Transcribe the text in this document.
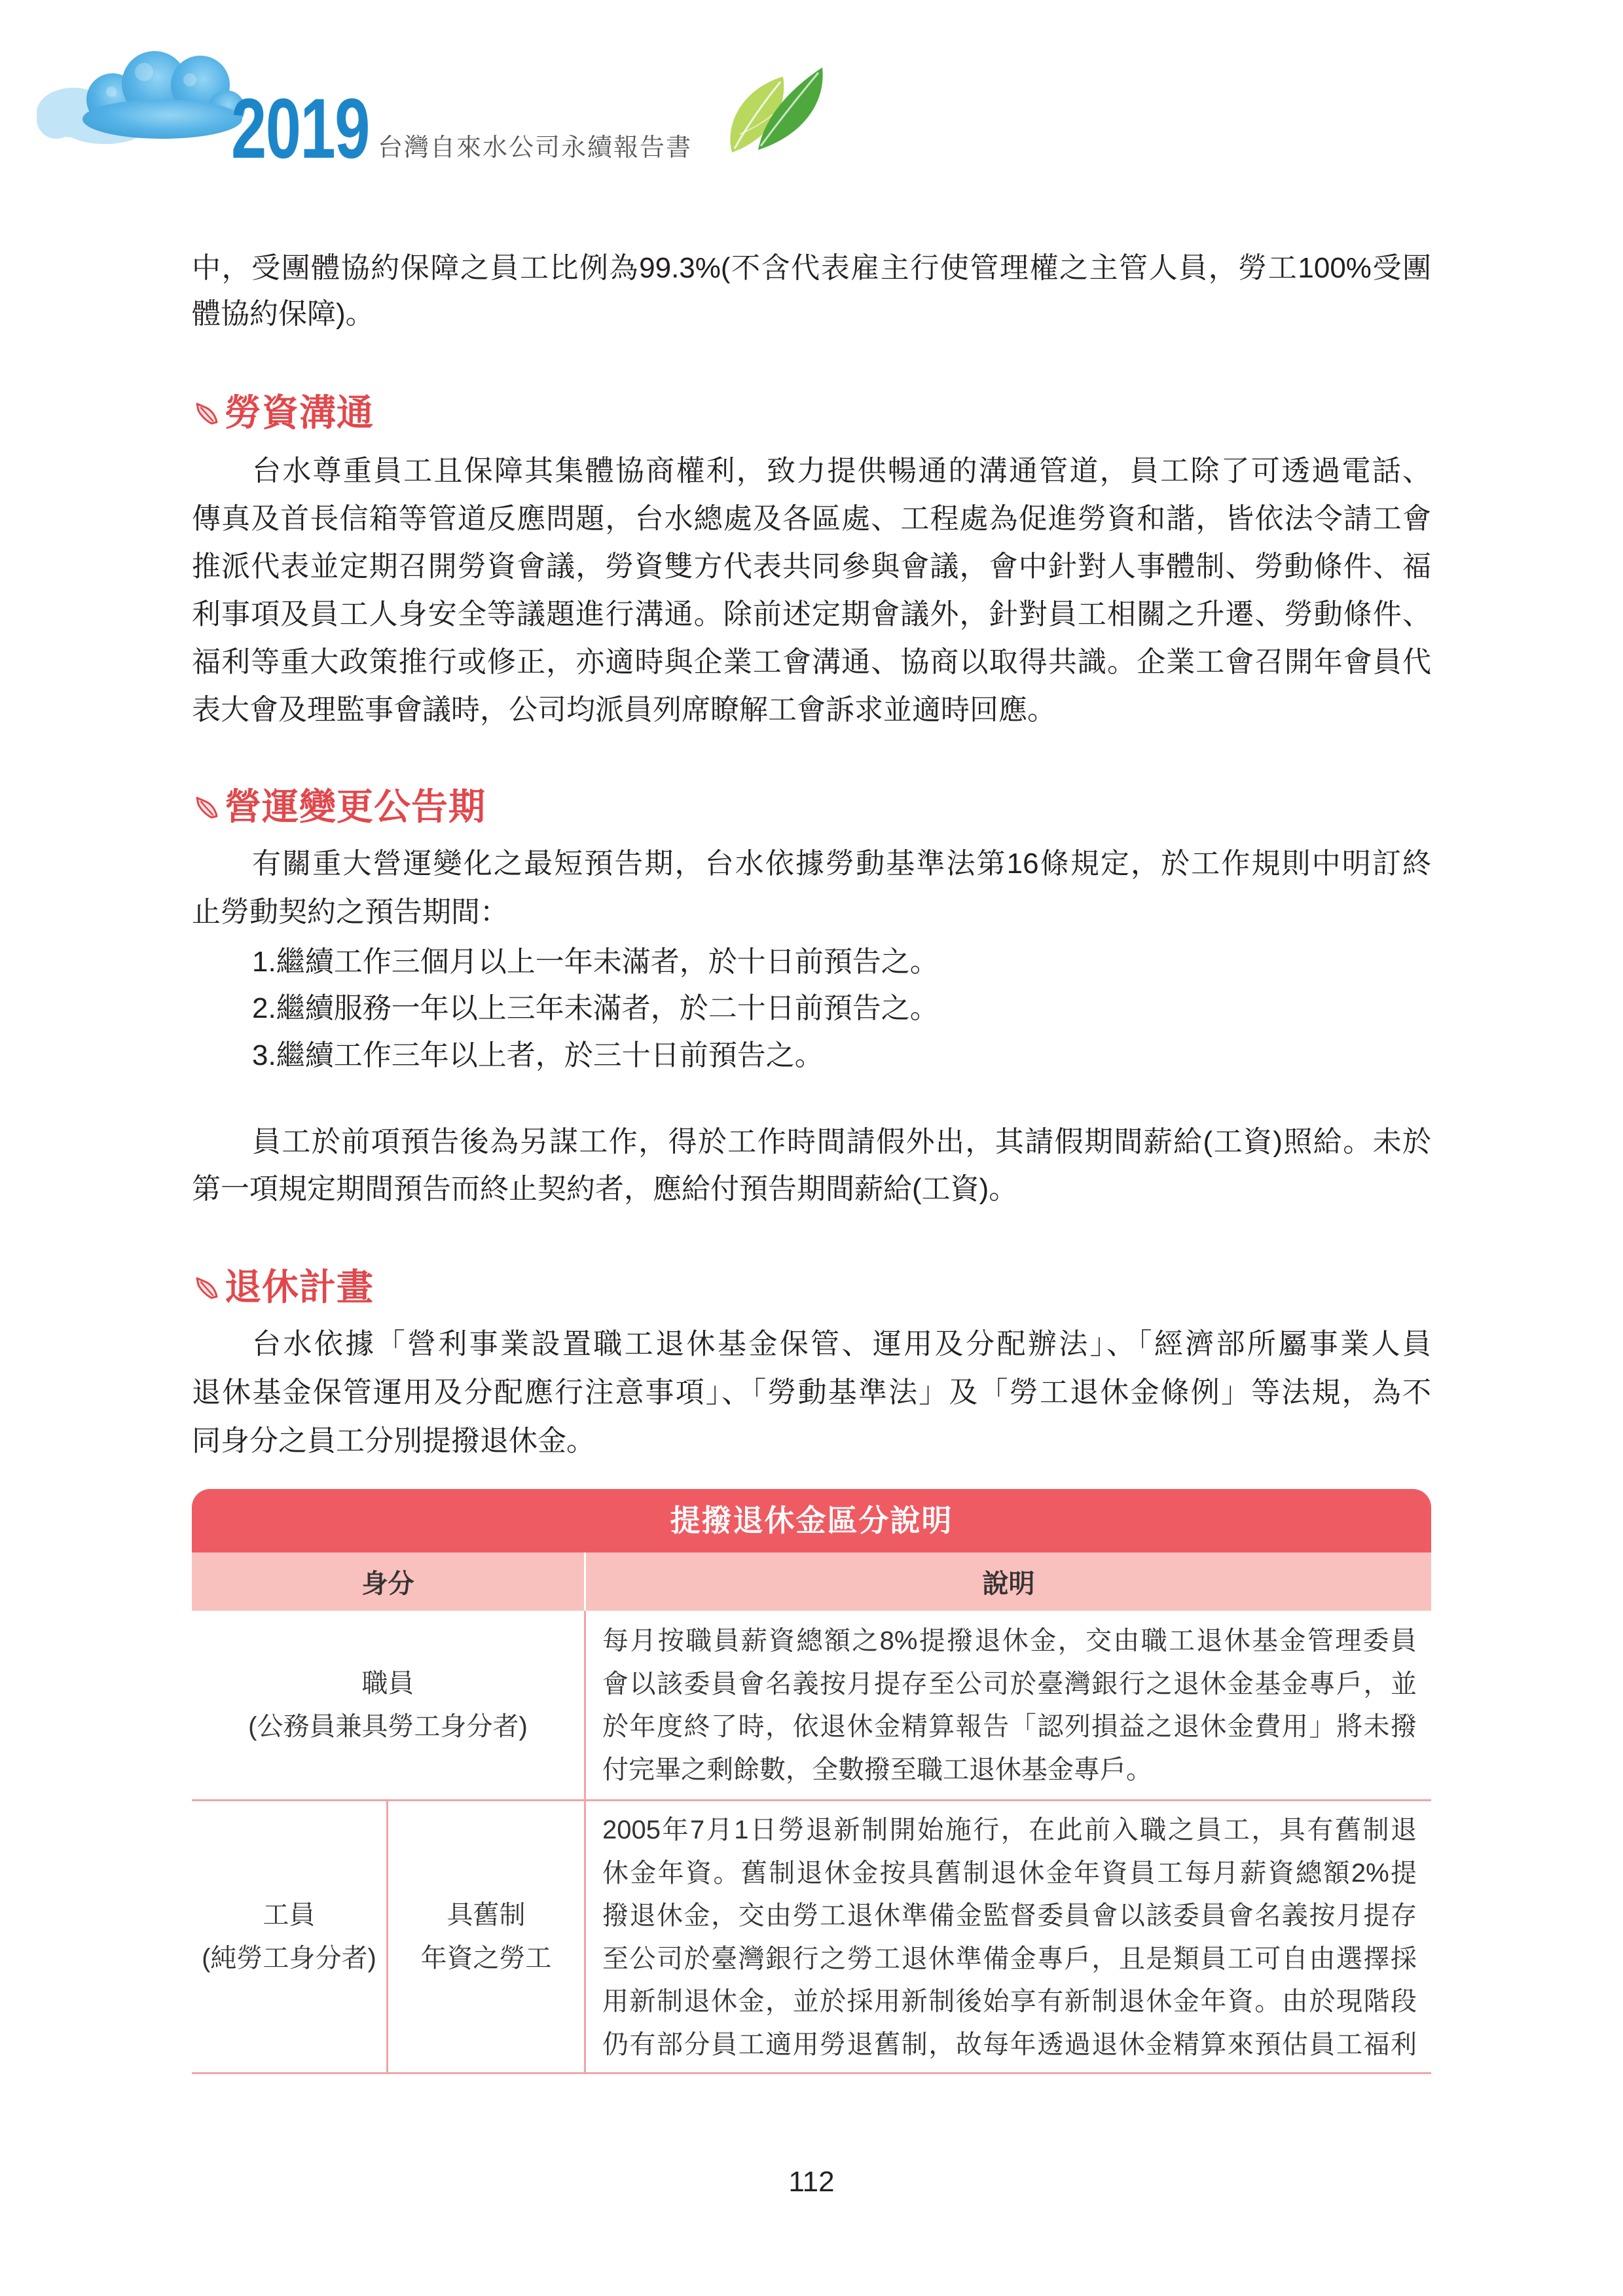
2019 台灣自來水公司永續報告書
中，受團體協約保障之員工比例為99.3%(不含代表雇主行使管理權之主管人員，勞工100%受團
體協約保障)。
勞資溝通
台水尊重員工且保障其集體協商權利，致力提供暢通的溝通管道，員工除了可透過電話、
傳真及首長信箱等管道反應問題，台水總處及各區處、工程處為促進勞資和諧，皆依法令請工會
推派代表並定期召開勞資會議，勞資雙方代表共同參與會議，會中針對人事體制、勞動條件、福
利事項及員工人身安全等議題進行溝通。除前述定期會議外，針對員工相關之升遷、勞動條件、
福利等重大政策推行或修正，亦適時與企業工會溝通、協商以取得共識。企業工會召開年會員代
表大會及理監事會議時，公司均派員列席瞭解工會訴求並適時回應。
營運變更公告期
有關重大營運變化之最短預告期，台水依據勞動基準法第16條規定，於工作規則中明訂終
止勞動契約之預告期間：
1.繼續工作三個月以上一年未滿者，於十日前預告之。
2.繼續服務一年以上三年未滿者，於二十日前預告之。
3.繼續工作三年以上者，於三十日前預告之。
員工於前項預告後為另謀工作，得於工作時間請假外出，其請假期間薪給(工資)照給。未於
第一項規定期間預告而終止契約者，應給付預告期間薪給(工資)。
退休計畫
台水依據「營利事業設置職工退休基金保管、運用及分配辦法」、「經濟部所屬事業人員
退休基金保管運用及分配應行注意事項」、「勞動基準法」及「勞工退休金條例」等法規，為不
同身分之員工分別提撥退休金。
提撥退休金區分說明
身分	說明
職員
(公務員兼具勞工身分者)
每月按職員薪資總額之8%提撥退休金，交由職工退休基金管理委員
會以該委員會名義按月提存至公司於臺灣銀行之退休金基金專戶，並
於年度終了時，依退休金精算報告「認列損益之退休金費用」將未撥
付完畢之剩餘數，全數撥至職工退休基金專戶。
工員
(純勞工身分者)
具舊制
年資之勞工
2005年7月1日勞退新制開始施行，在此前入職之員工，具有舊制退
休金年資。舊制退休金按具舊制退休金年資員工每月薪資總額2%提
撥退休金，交由勞工退休準備金監督委員會以該委員會名義按月提存
至公司於臺灣銀行之勞工退休準備金專戶，且是類員工可自由選擇採
用新制退休金，並於採用新制後始享有新制退休金年資。由於現階段
仍有部分員工適用勞退舊制，故每年透過退休金精算來預估員工福利
112
